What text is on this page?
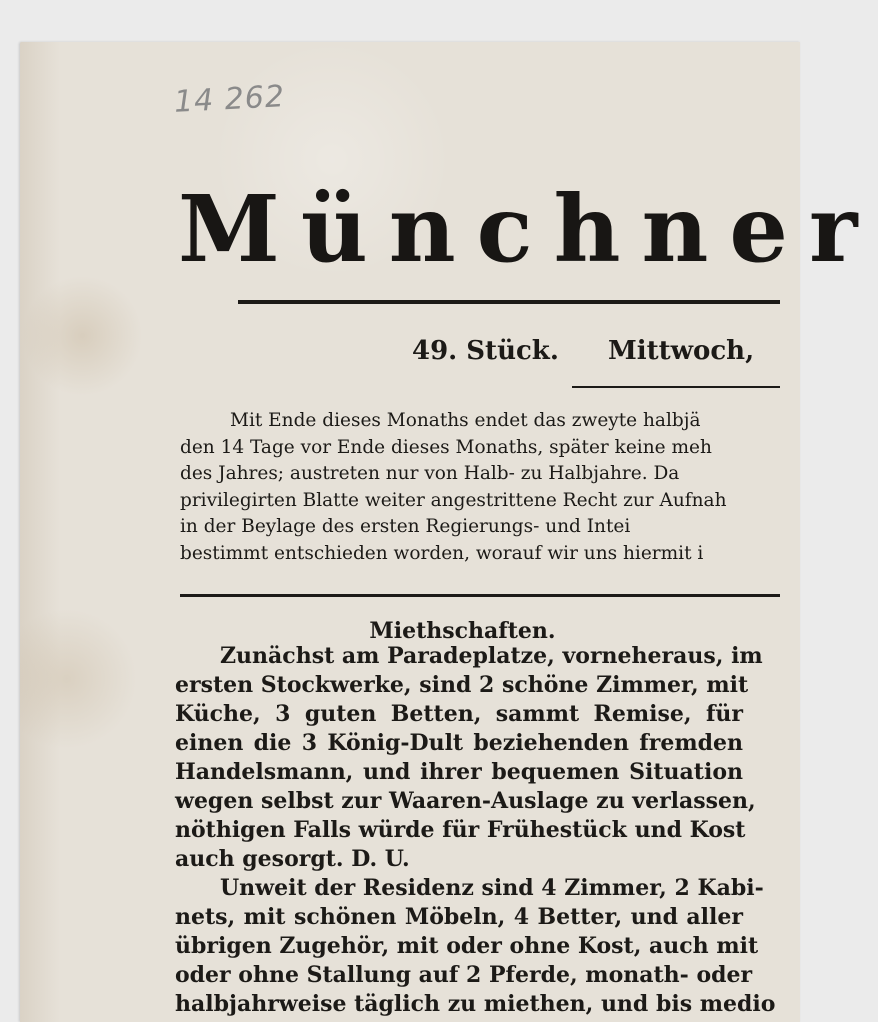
14 262
Münchner
49. Stück. Mittwoch,
Mit Ende dieses Monaths endet das zweyte halbjä
den 14 Tage vor Ende dieses Monaths, später keine meh
des Jahres; austreten nur von Halb- zu Halbjahre. Da
privilegirten Blatte weiter angestrittene Recht zur Aufnah
in der Beylage des ersten Regierungs- und Intei
bestimmt entschieden worden, worauf wir uns hiermit i
Miethschaften.
Zunächst am Paradeplatze, vorneheraus, im
ersten Stockwerke, sind 2 schöne Zimmer, mit
Küche, 3 guten Betten, sammt Remise, für
einen die 3 König-Dult beziehenden fremden
Handelsmann, und ihrer bequemen Situation
wegen selbst zur Waaren-Auslage zu verlassen,
nöthigen Falls würde für Frühestück und Kost
auch gesorgt. D. U.
Unweit der Residenz sind 4 Zimmer, 2 Kabi-
nets, mit schönen Möbeln, 4 Better, und aller
übrigen Zugehör, mit oder ohne Kost, auch mit
oder ohne Stallung auf 2 Pferde, monath- oder
halbjahrweise täglich zu miethen, und bis medio
